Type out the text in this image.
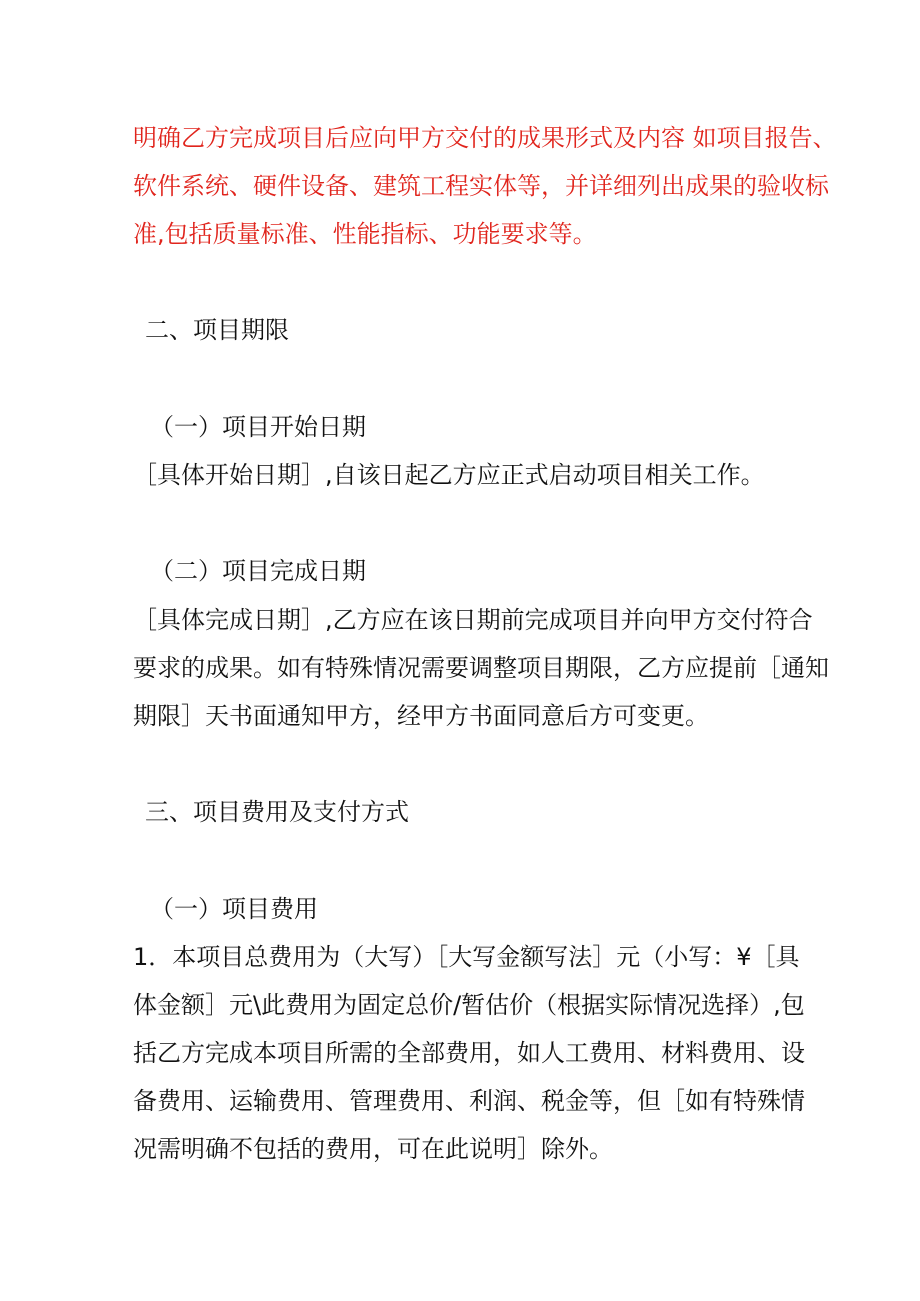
明确乙方完成项目后应向甲方交付的成果形式及内容 如项目报告、
软件系统、硬件设备、建筑工程实体等，并详细列出成果的验收标
准,包括质量标准、性能指标、功能要求等。
二、项目期限
（一）项目开始日期
［具体开始日期］,自该日起乙方应正式启动项目相关工作。
（二）项目完成日期
［具体完成日期］,乙方应在该日期前完成项目并向甲方交付符合
要求的成果。如有特殊情况需要调整项目期限，乙方应提前［通知
期限］天书面通知甲方，经甲方书面同意后方可变更。
三、项目费用及支付方式
（一）项目费用
1．本项目总费用为（大写）［大写金额写法］元（小写：¥［具
体金额］元\此费用为固定总价/暂估价（根据实际情况选择）,包
括乙方完成本项目所需的全部费用，如人工费用、材料费用、设
备费用、运输费用、管理费用、利润、税金等，但［如有特殊情
况需明确不包括的费用，可在此说明］除外。
